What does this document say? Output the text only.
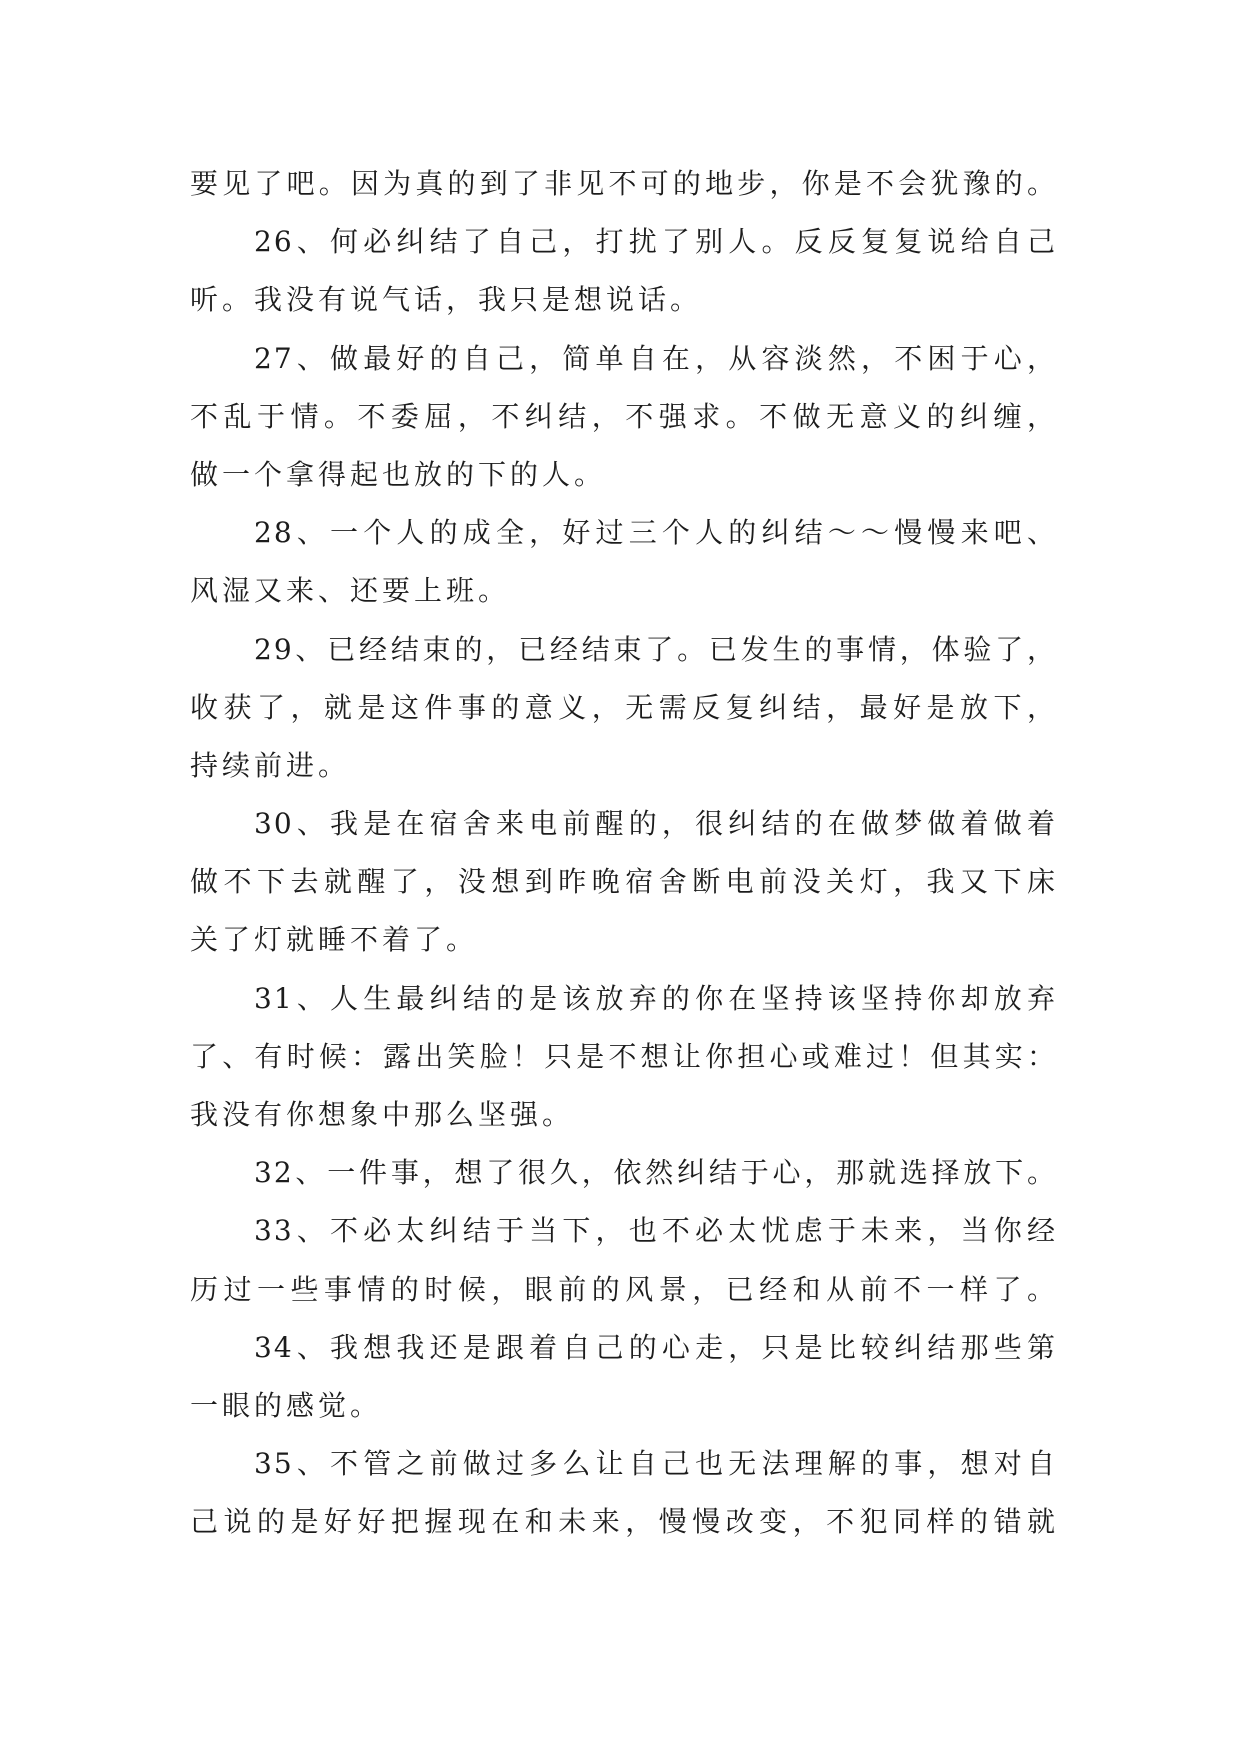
要见了吧。因为真的到了非见不可的地步，你是不会犹豫的。
26、何必纠结了自己，打扰了别人。反反复复说给自己
听。我没有说气话，我只是想说话。
27、做最好的自己，简单自在，从容淡然，不困于心，
不乱于情。不委屈，不纠结，不强求。不做无意义的纠缠，
做一个拿得起也放的下的人。
28、一个人的成全，好过三个人的纠结～～慢慢来吧、
风湿又来、还要上班。
29、已经结束的，已经结束了。已发生的事情，体验了，
收获了，就是这件事的意义，无需反复纠结，最好是放下，
持续前进。
30、我是在宿舍来电前醒的，很纠结的在做梦做着做着
做不下去就醒了，没想到昨晚宿舍断电前没关灯，我又下床
关了灯就睡不着了。
31、人生最纠结的是该放弃的你在坚持该坚持你却放弃
了、有时候：露出笑脸！只是不想让你担心或难过！但其实：
我没有你想象中那么坚强。
32、一件事，想了很久，依然纠结于心，那就选择放下。
33、不必太纠结于当下，也不必太忧虑于未来，当你经
历过一些事情的时候，眼前的风景，已经和从前不一样了。
34、我想我还是跟着自己的心走，只是比较纠结那些第
一眼的感觉。
35、不管之前做过多么让自己也无法理解的事，想对自
己说的是好好把握现在和未来，慢慢改变，不犯同样的错就
